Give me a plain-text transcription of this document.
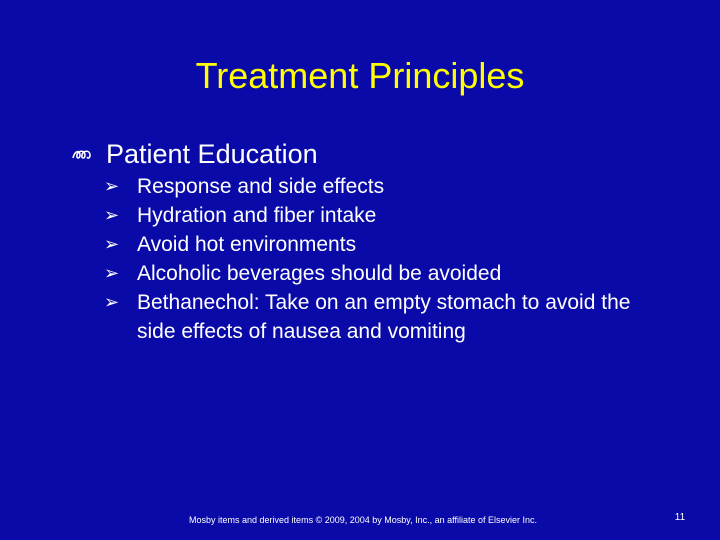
Treatment Principles
Patient Education
➢ Response and side effects
➢ Hydration and fiber intake
➢ Avoid hot environments
➢ Alcoholic beverages should be avoided
➢ Bethanechol: Take on an empty stomach to avoid the side effects of nausea and vomiting
Mosby items and derived items © 2009, 2004 by Mosby, Inc., an affiliate of Elsevier Inc.	11
